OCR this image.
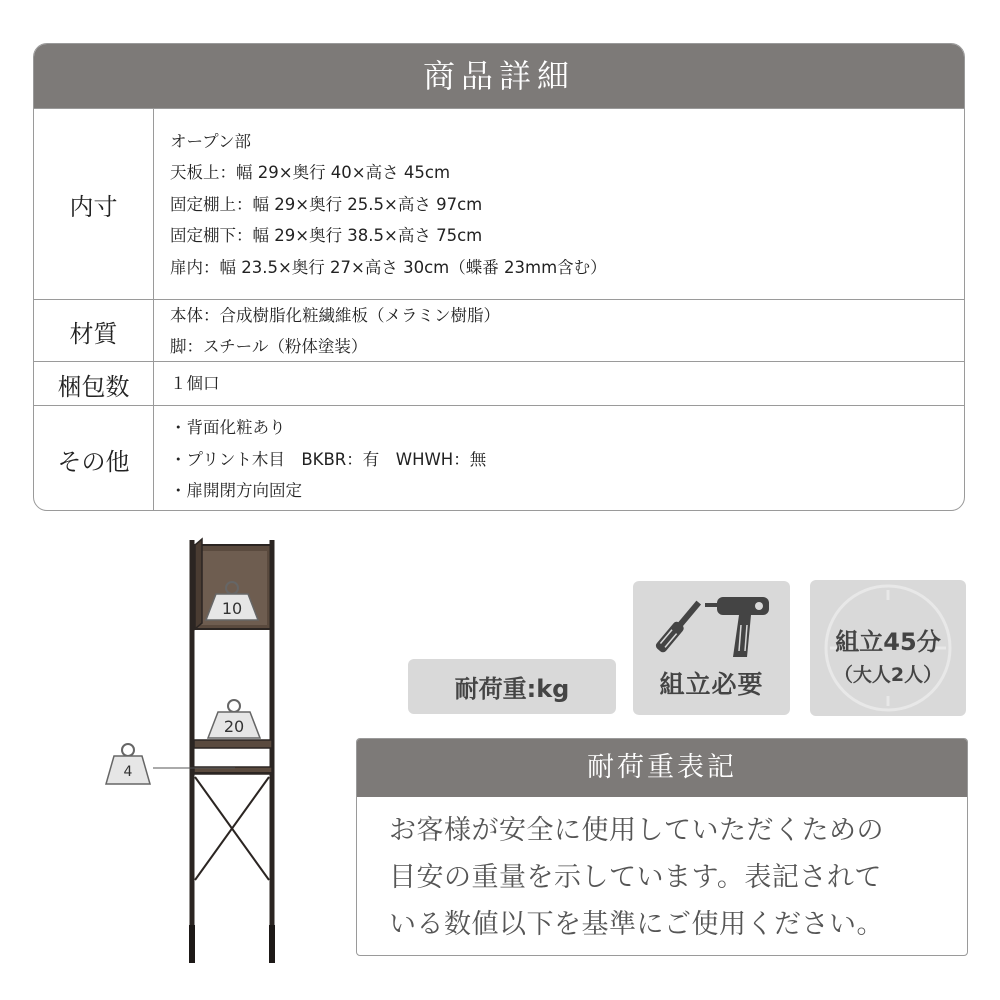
商品詳細
内寸
オープン部
天板上：幅 29×奥行 40×高さ 45cm
固定棚上：幅 29×奥行 25.5×高さ 97cm
固定棚下：幅 29×奥行 38.5×高さ 75cm
扉内：幅 23.5×奥行 27×高さ 30cm（蝶番 23mm含む）
材質
本体：合成樹脂化粧繊維板（メラミン樹脂）
脚：スチール（粉体塗装）
梱包数	１個口
その他
・背面化粧あり
・プリント木目　BKBR：有　WHWH：無
・扉開閉方向固定
10
20
4
耐荷重:kg	組立必要
組立45分
（大人2人）
耐荷重表記
お客様が安全に使用していただくための
目安の重量を示しています。表記されて
いる数値以下を基準にご使用ください。
